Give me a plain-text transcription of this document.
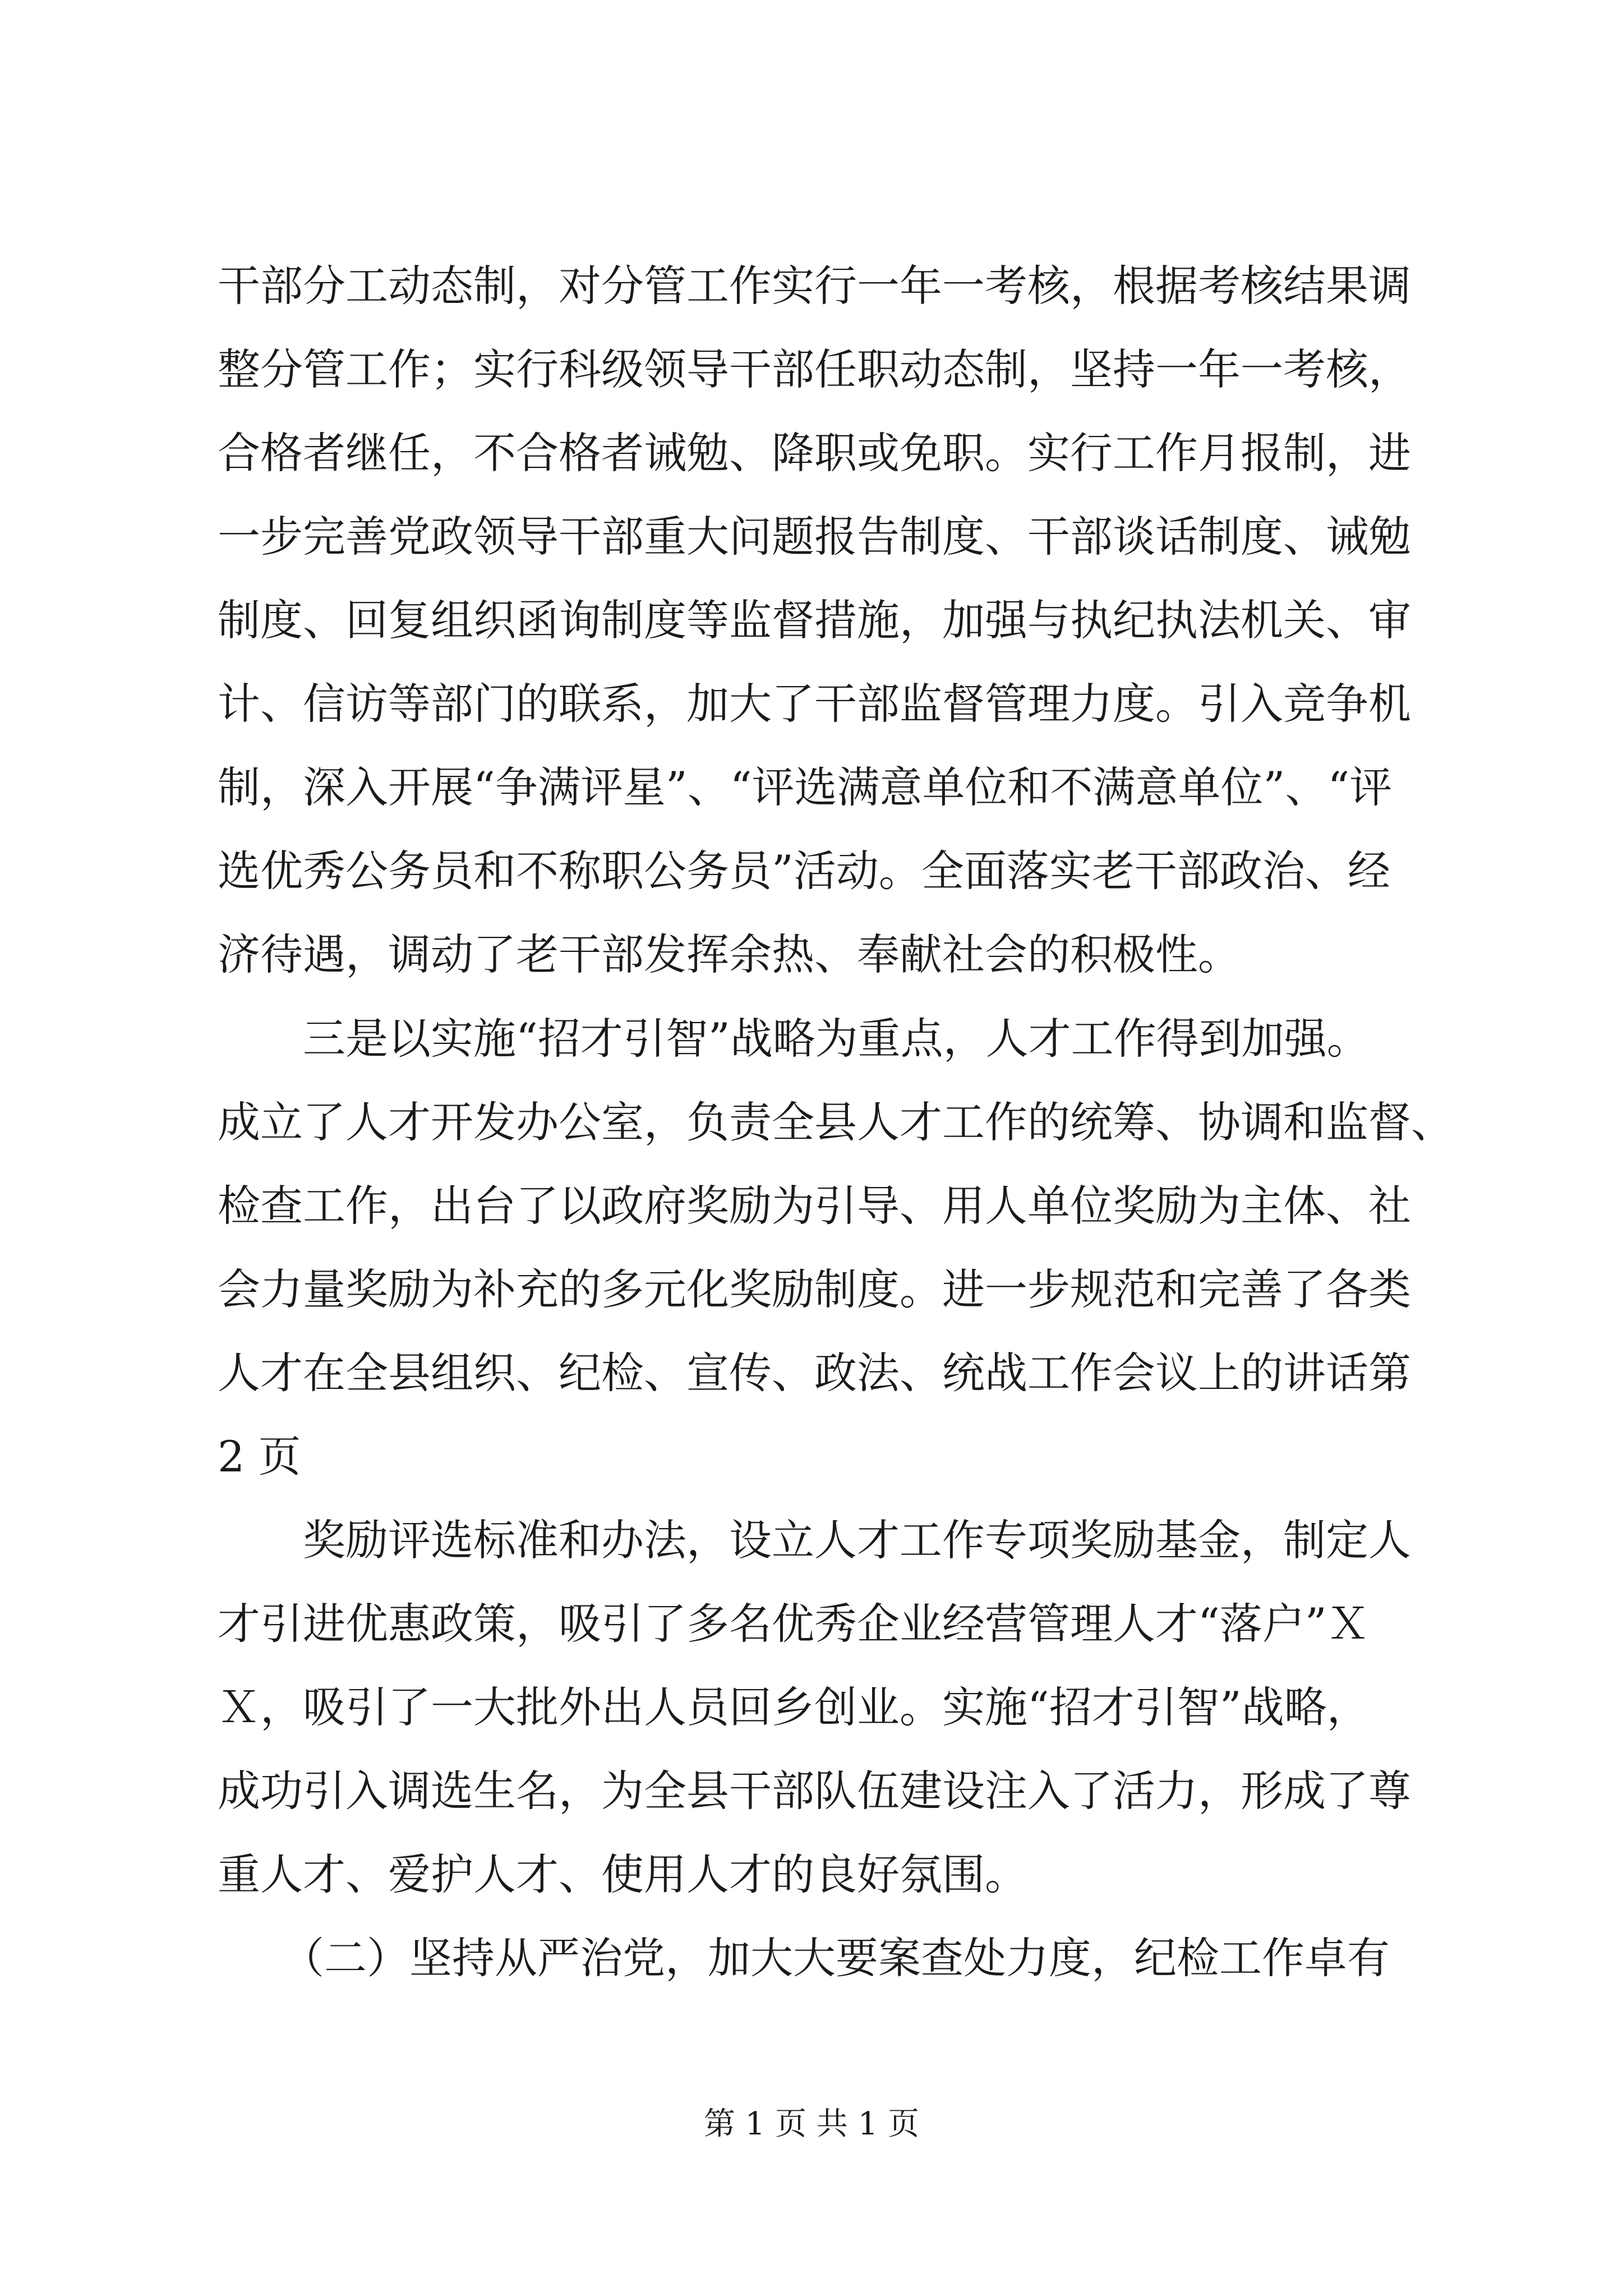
干部分工动态制，对分管工作实行一年一考核，根据考核结果调
整分管工作；实行科级领导干部任职动态制，坚持一年一考核，
合格者继任，不合格者诫勉、降职或免职。实行工作月报制，进
一步完善党政领导干部重大问题报告制度、干部谈话制度、诫勉
制度、回复组织函询制度等监督措施，加强与执纪执法机关、审
计、信访等部门的联系，加大了干部监督管理力度。引入竞争机
制，深入开展“争满评星”、“评选满意单位和不满意单位”、“评
选优秀公务员和不称职公务员”活动。全面落实老干部政治、经
济待遇，调动了老干部发挥余热、奉献社会的积极性。
　　三是以实施“招才引智”战略为重点，人才工作得到加强。
成立了人才开发办公室，负责全县人才工作的统筹、协调和监督、
检查工作，出台了以政府奖励为引导、用人单位奖励为主体、社
会力量奖励为补充的多元化奖励制度。进一步规范和完善了各类
人才在全县组织、纪检、宣传、政法、统战工作会议上的讲话第
2 页
　　奖励评选标准和办法，设立人才工作专项奖励基金，制定人
才引进优惠政策，吸引了多名优秀企业经营管理人才“落户”Ｘ
Ｘ，吸引了一大批外出人员回乡创业。实施“招才引智”战略，
成功引入调选生名，为全县干部队伍建设注入了活力，形成了尊
重人才、爱护人才、使用人才的良好氛围。
　　（二）坚持从严治党，加大大要案查处力度，纪检工作卓有
第 1 页 共 1 页
